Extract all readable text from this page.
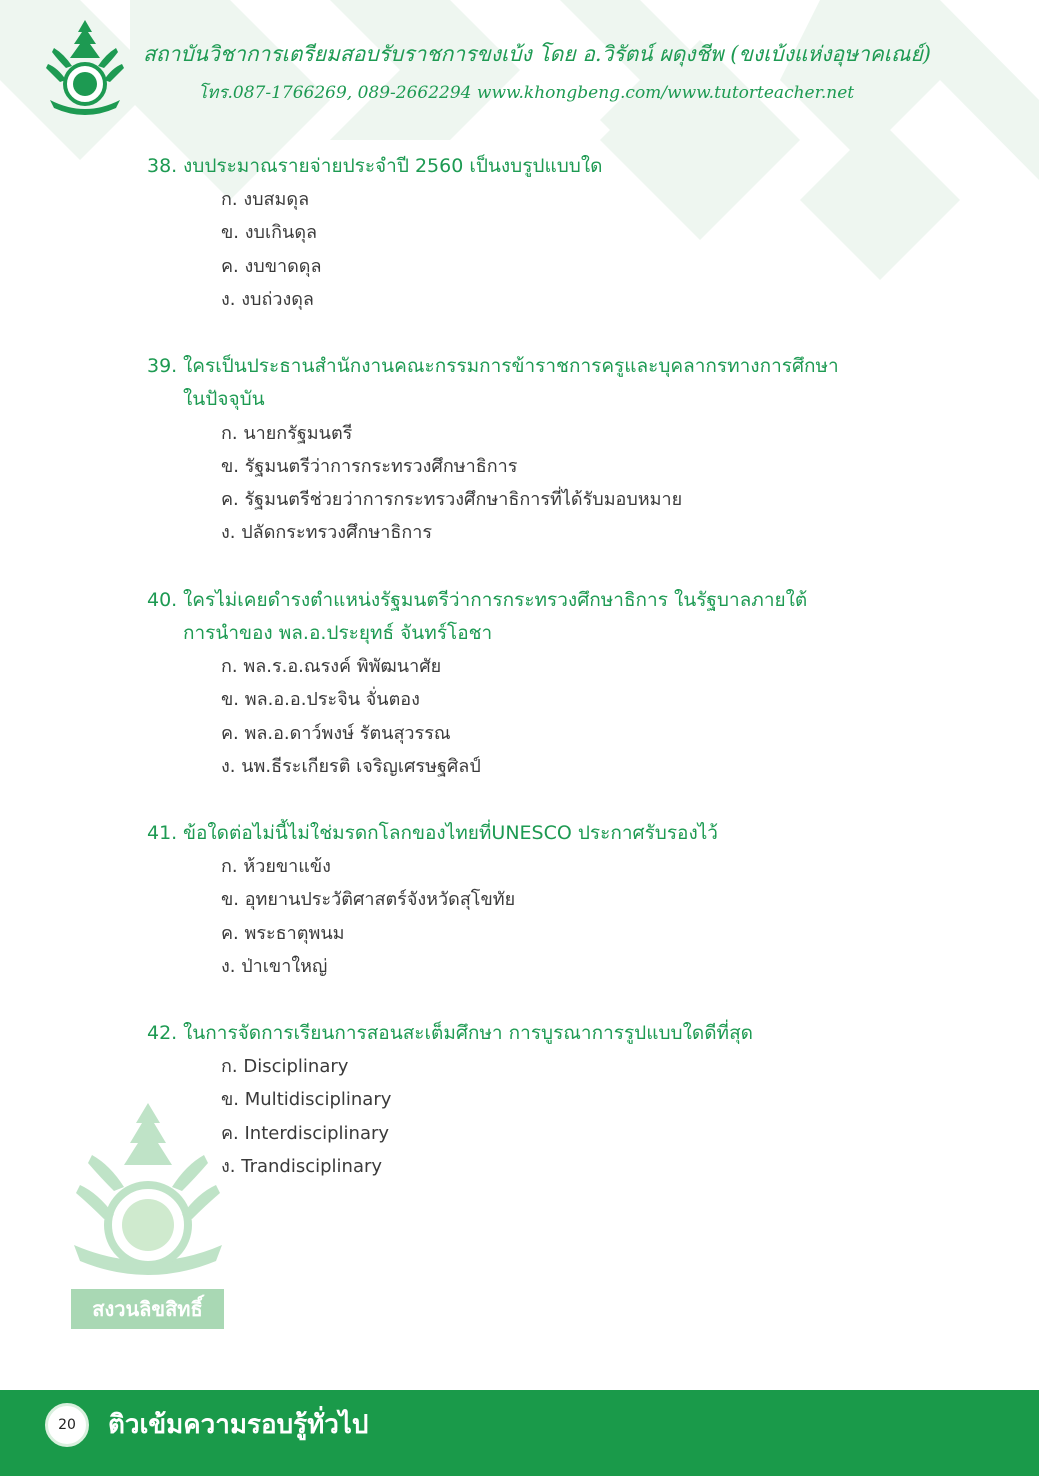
สถาบันวิชาการเตรียมสอบรับราชการขงเบ้ง โดย อ.วิรัตน์ ผดุงชีพ (ขงเบ้งแห่งอุษาคเณย์)
โทร.087-1766269, 089-2662294 www.khongbeng.com/www.tutorteacher.net
สงวนลิขสิทธิ์
38. งบประมาณรายจ่ายประจำปี 2560 เป็นงบรูปแบบใด
ก. งบสมดุล
ข. งบเกินดุล
ค. งบขาดดุล
ง. งบถ่วงดุล
39. ใครเป็นประธานสำนักงานคณะกรรมการข้าราชการครูและบุคลากรทางการศึกษา
ในปัจจุบัน
ก. นายกรัฐมนตรี
ข. รัฐมนตรีว่าการกระทรวงศึกษาธิการ
ค. รัฐมนตรีช่วยว่าการกระทรวงศึกษาธิการที่ได้รับมอบหมาย
ง. ปลัดกระทรวงศึกษาธิการ
40. ใครไม่เคยดำรงตำแหน่งรัฐมนตรีว่าการกระทรวงศึกษาธิการ ในรัฐบาลภายใต้
การนำของ พล.อ.ประยุทธ์ จันทร์โอชา
ก. พล.ร.อ.ณรงค์ พิพัฒนาศัย
ข. พล.อ.อ.ประจิน จั่นตอง
ค. พล.อ.ดาว์พงษ์ รัตนสุวรรณ
ง. นพ.ธีระเกียรติ เจริญเศรษฐศิลป์
41. ข้อใดต่อไม่นี้ไม่ใช่มรดกโลกของไทยที่UNESCO ประกาศรับรองไว้
ก. ห้วยขาแข้ง
ข. อุทยานประวัติศาสตร์จังหวัดสุโขทัย
ค. พระธาตุพนม
ง. ป่าเขาใหญ่
42. ในการจัดการเรียนการสอนสะเต็มศึกษา การบูรณาการรูปแบบใดดีที่สุด
ก. Disciplinary
ข. Multidisciplinary
ค. Interdisciplinary
ง. Trandisciplinary
20	ติวเข้มความรอบรู้ทั่วไป
